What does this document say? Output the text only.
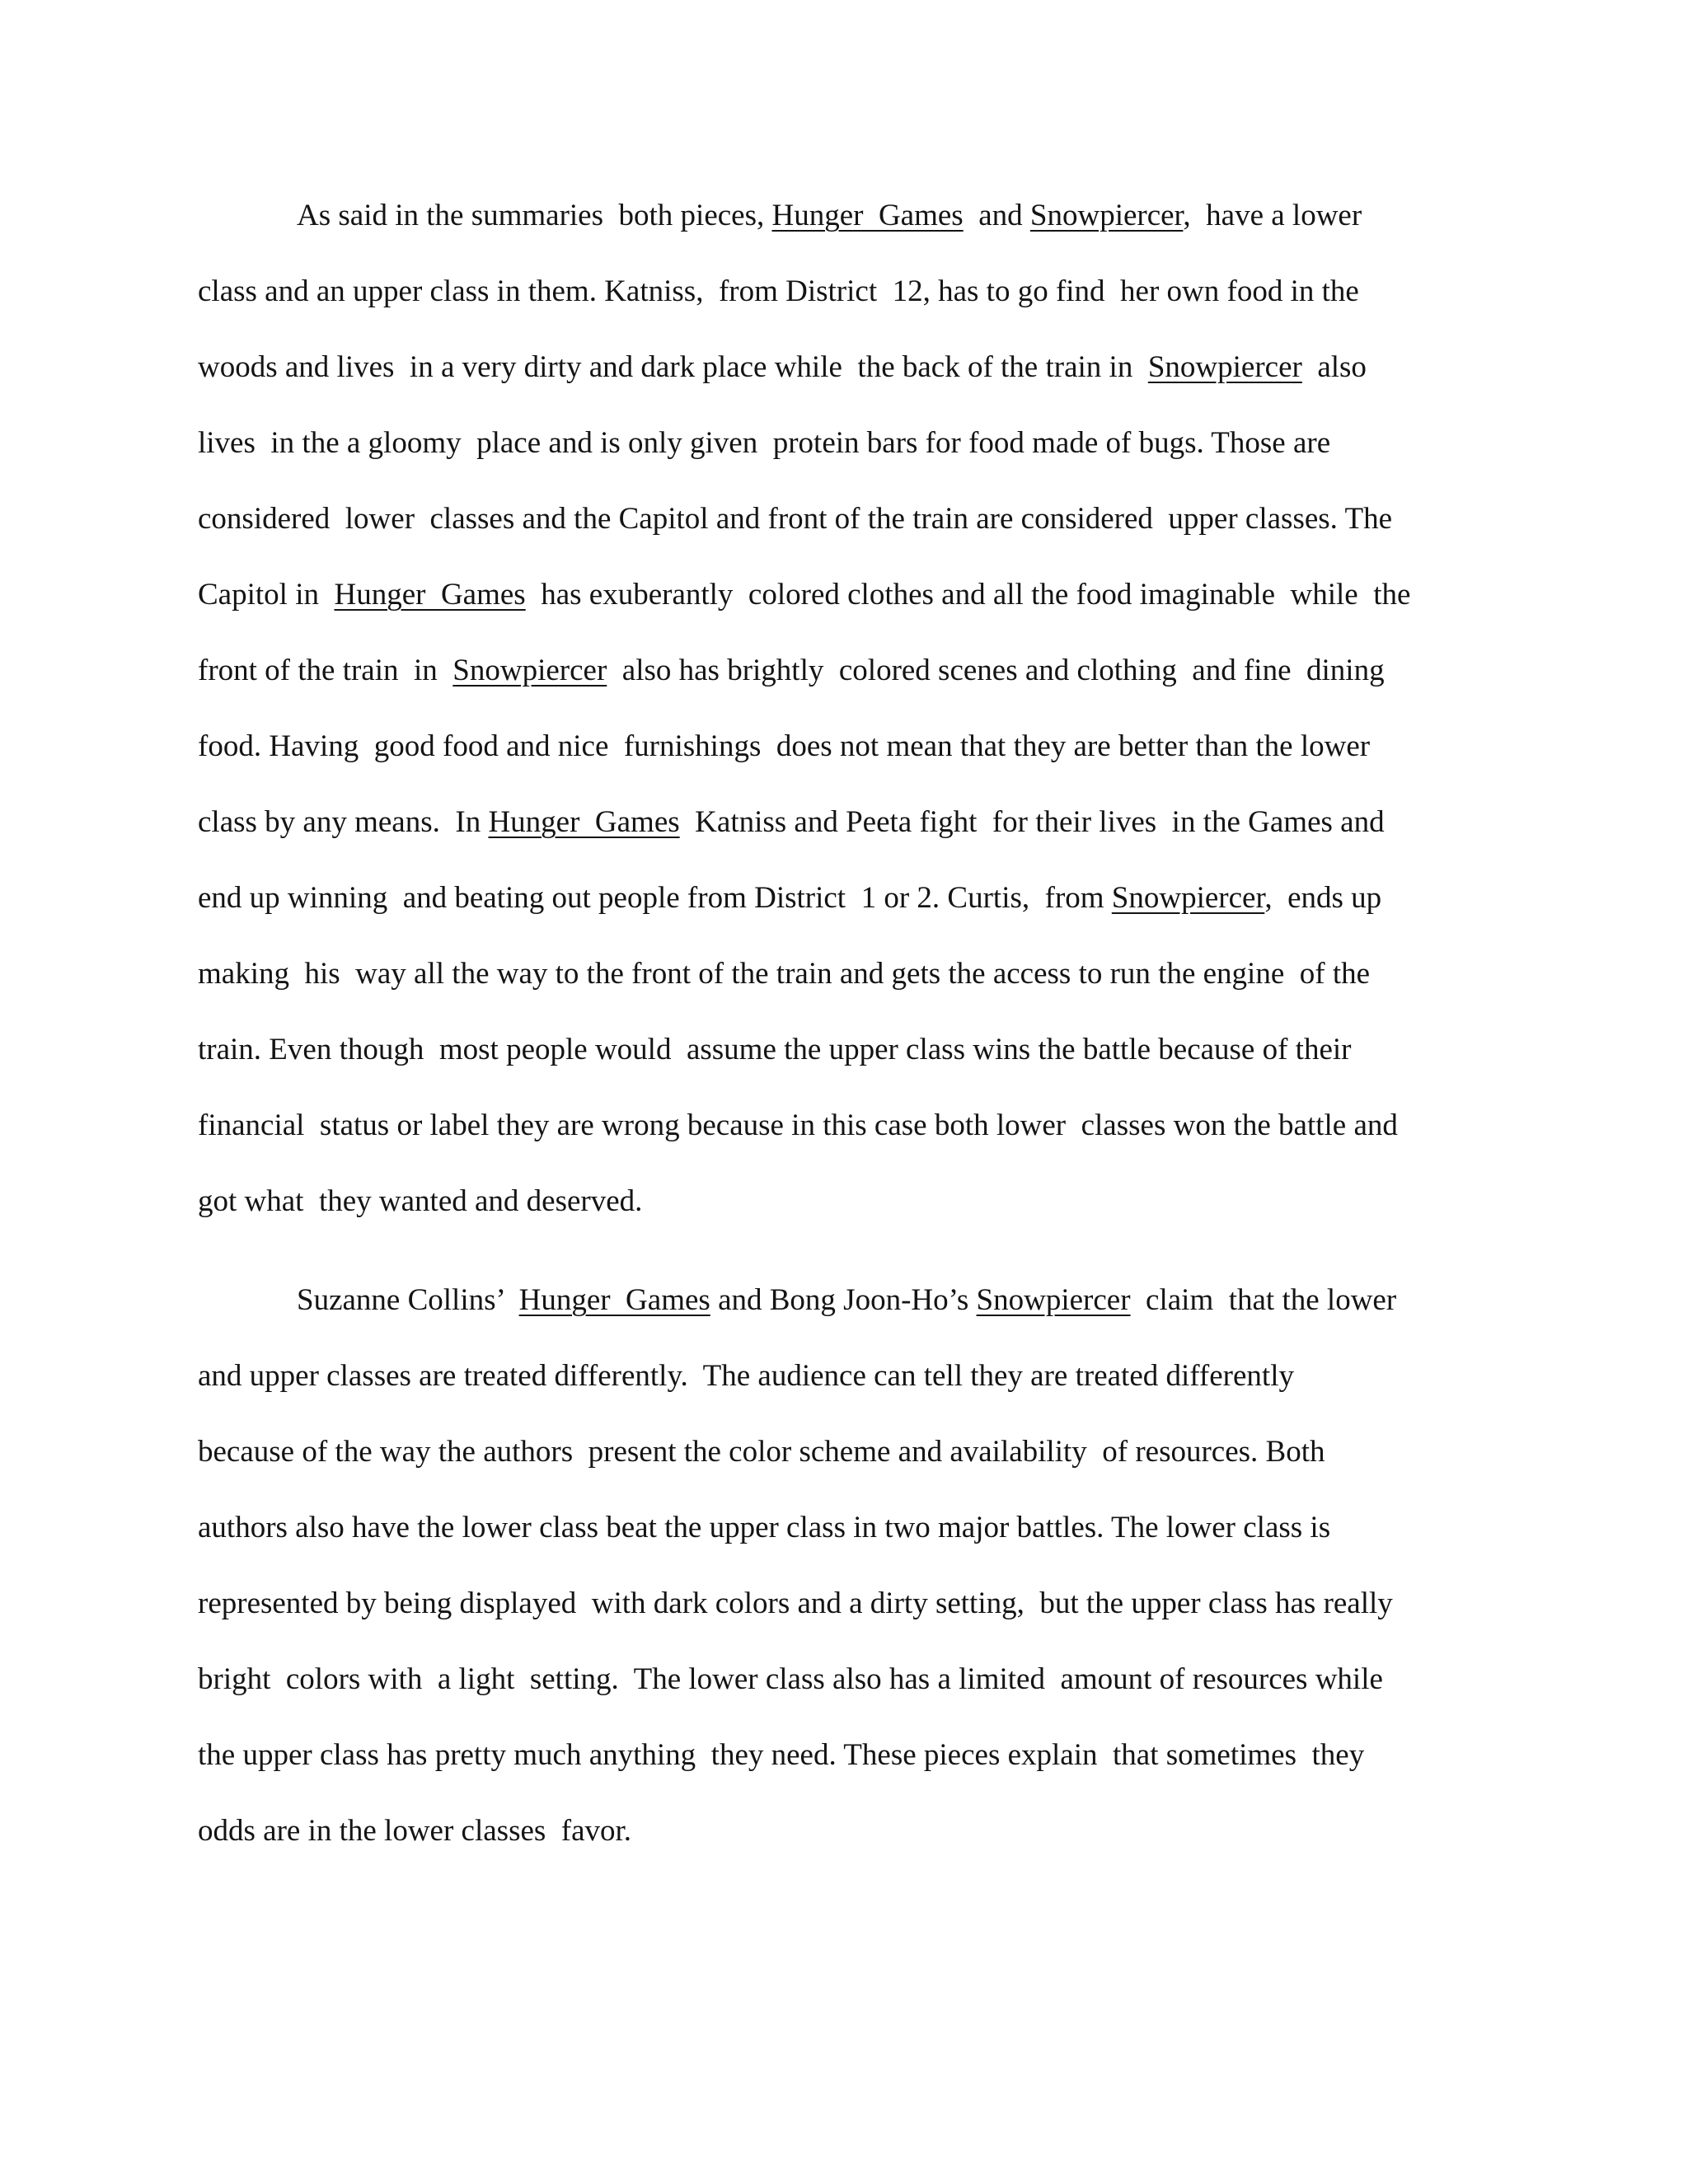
As said in the summaries  both pieces, Hunger  Games  and Snowpiercer,  have a lower
class and an upper class in them. Katniss,  from District  12, has to go find  her own food in the
woods and lives  in a very dirty and dark place while  the back of the train in  Snowpiercer  also
lives  in the a gloomy  place and is only given  protein bars for food made of bugs. Those are
considered  lower  classes and the Capitol and front of the train are considered  upper classes. The
Capitol in  Hunger  Games  has exuberantly  colored clothes and all the food imaginable  while  the
front of the train  in  Snowpiercer  also has brightly  colored scenes and clothing  and fine  dining
food. Having  good food and nice  furnishings  does not mean that they are better than the lower
class by any means.  In Hunger  Games  Katniss and Peeta fight  for their lives  in the Games and
end up winning  and beating out people from District  1 or 2. Curtis,  from Snowpiercer,  ends up
making  his  way all the way to the front of the train and gets the access to run the engine  of the
train. Even though  most people would  assume the upper class wins the battle because of their
financial  status or label they are wrong because in this case both lower  classes won the battle and
got what  they wanted and deserved.
Suzanne Collins’  Hunger  Games and Bong Joon-Ho’s Snowpiercer  claim  that the lower
and upper classes are treated differently.  The audience can tell they are treated differently
because of the way the authors  present the color scheme and availability  of resources. Both
authors also have the lower class beat the upper class in two major battles. The lower class is
represented by being displayed  with dark colors and a dirty setting,  but the upper class has really
bright  colors with  a light  setting.  The lower class also has a limited  amount of resources while
the upper class has pretty much anything  they need. These pieces explain  that sometimes  they
odds are in the lower classes  favor.
